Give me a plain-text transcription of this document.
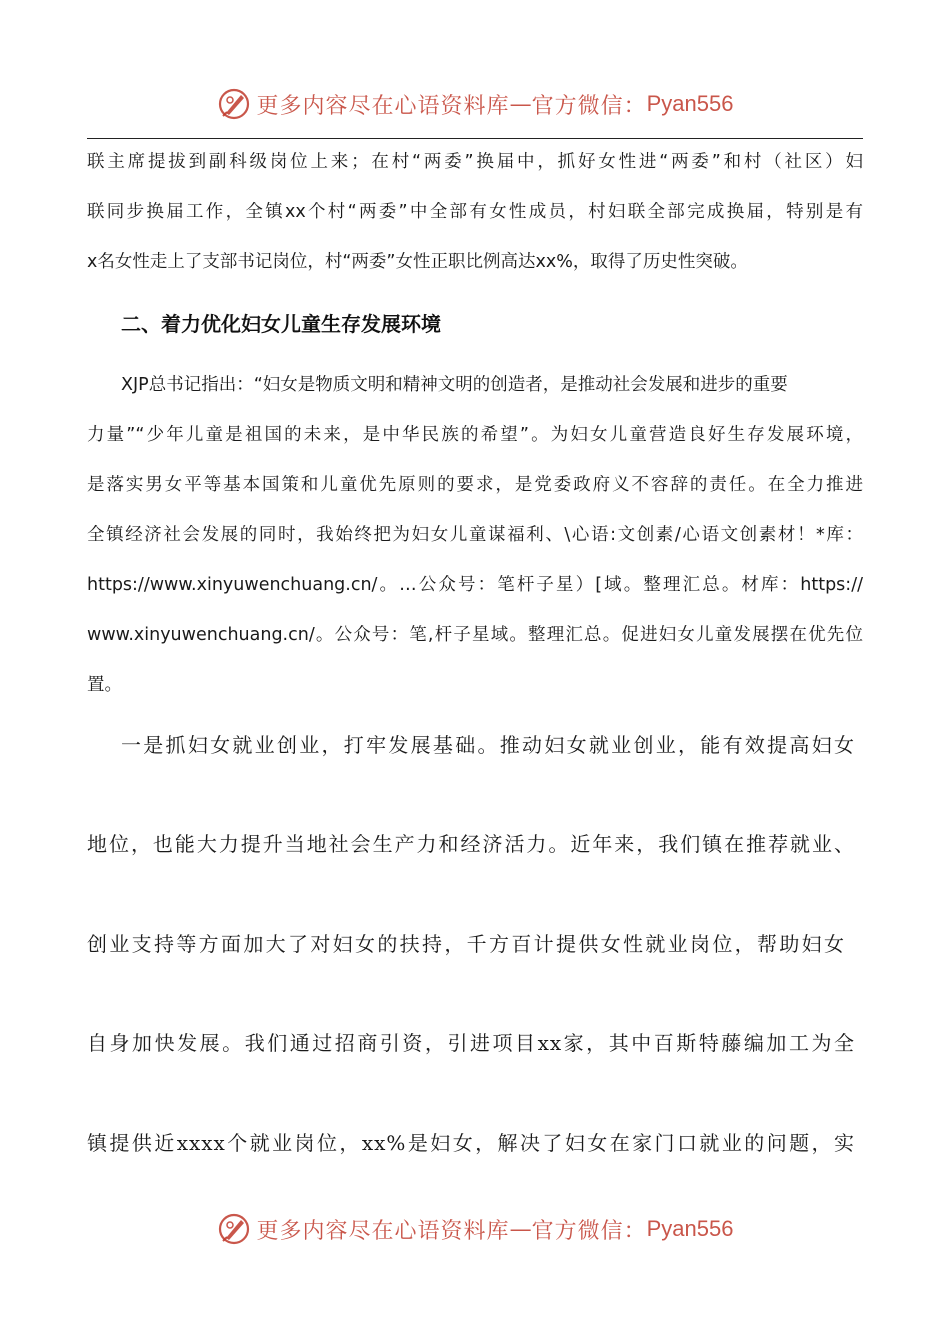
更多内容尽在心语资料库 — 官方微信： Pyan556
联主席提拔到副科级岗位上来；在村“两委”换届中，抓好女性进“两委”和村（社区）妇
联同步换届工作，全镇xx个村“两委”中全部有女性成员，村妇联全部完成换届，特别是有
x名女性走上了支部书记岗位，村“两委”女性正职比例高达xx%，取得了历史性突破。
二、着力优化妇女儿童生存发展环境
XJP总书记指出：“妇女是物质文明和精神文明的创造者，是推动社会发展和进步的重要
力量”“少年儿童是祖国的未来，是中华民族的希望”。为妇女儿童营造良好生存发展环境，
是落实男女平等基本国策和儿童优先原则的要求，是党委政府义不容辞的责任。在全力推进
全镇经济社会发展的同时，我始终把为妇女儿童谋福利、\心语:文创素/心语文创素材！*库：
https://www.xinyuwenchuang.cn/。…公众号：笔杆子星）[域。整理汇总。材库：https://
www.xinyuwenchuang.cn/。公众号：笔,杆子星域。整理汇总。促进妇女儿童发展摆在优先位
置。
一是抓妇女就业创业，打牢发展基础。推动妇女就业创业，能有效提高妇女
地位，也能大力提升当地社会生产力和经济活力。近年来，我们镇在推荐就业、
创业支持等方面加大了对妇女的扶持，千方百计提供女性就业岗位，帮助妇女
自身加快发展。我们通过招商引资，引进项目xx家，其中百斯特藤编加工为全
镇提供近xxxx个就业岗位，xx%是妇女，解决了妇女在家门口就业的问题，实
更多内容尽在心语资料库 — 官方微信： Pyan556
